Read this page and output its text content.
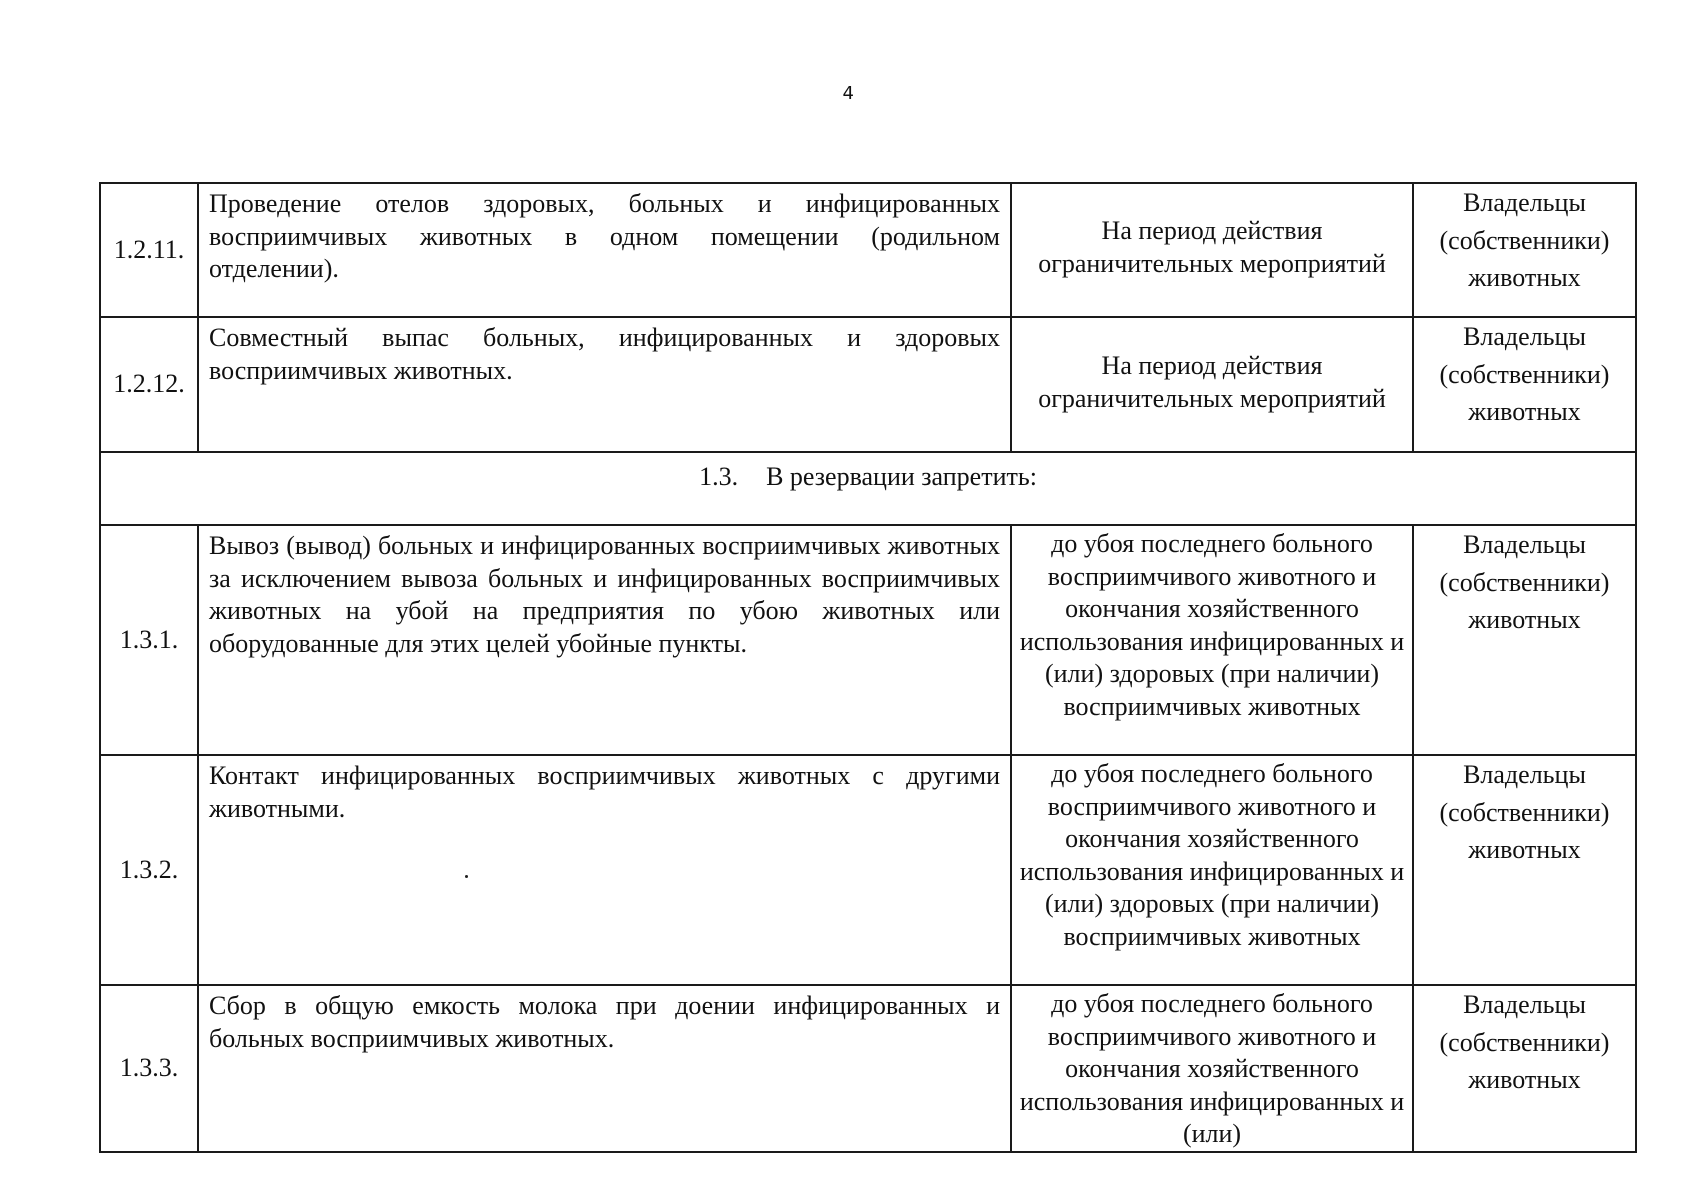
4
1.2.11.	Проведение отелов здоровых, больных и инфицированных восприимчивых животных в одном помещении (родильном отделении).	На период действия ограничительных мероприятий	Владельцы (собственники) животных
1.2.12.	Совместный выпас больных, инфицированных и здоровых восприимчивых животных.	На период действия ограничительных мероприятий	Владельцы (собственники) животных
1.3. В резервации запретить:			
1.3.1.	Вывоз (вывод) больных и инфицированных восприимчивых животных за исключением вывоза больных и инфицированных восприимчивых животных на убой на предприятия по убою животных или оборудованные для этих целей убойные пункты.	до убоя последнего больного восприимчивого животного и окончания хозяйственного использования инфицированных и (или) здоровых (при наличии) восприимчивых животных	Владельцы (собственники) животных
1.3.2.	Контакт инфицированных восприимчивых животных с другими животными.	до убоя последнего больного восприимчивого животного и окончания хозяйственного использования инфицированных и (или) здоровых (при наличии) восприимчивых животных	Владельцы (собственники) животных
1.3.3.	Сбор в общую емкость молока при доении инфицированных и больных восприимчивых животных.	до убоя последнего больного восприимчивого животного и окончания хозяйственного использования инфицированных и (или)	Владельцы (собственники) животных
